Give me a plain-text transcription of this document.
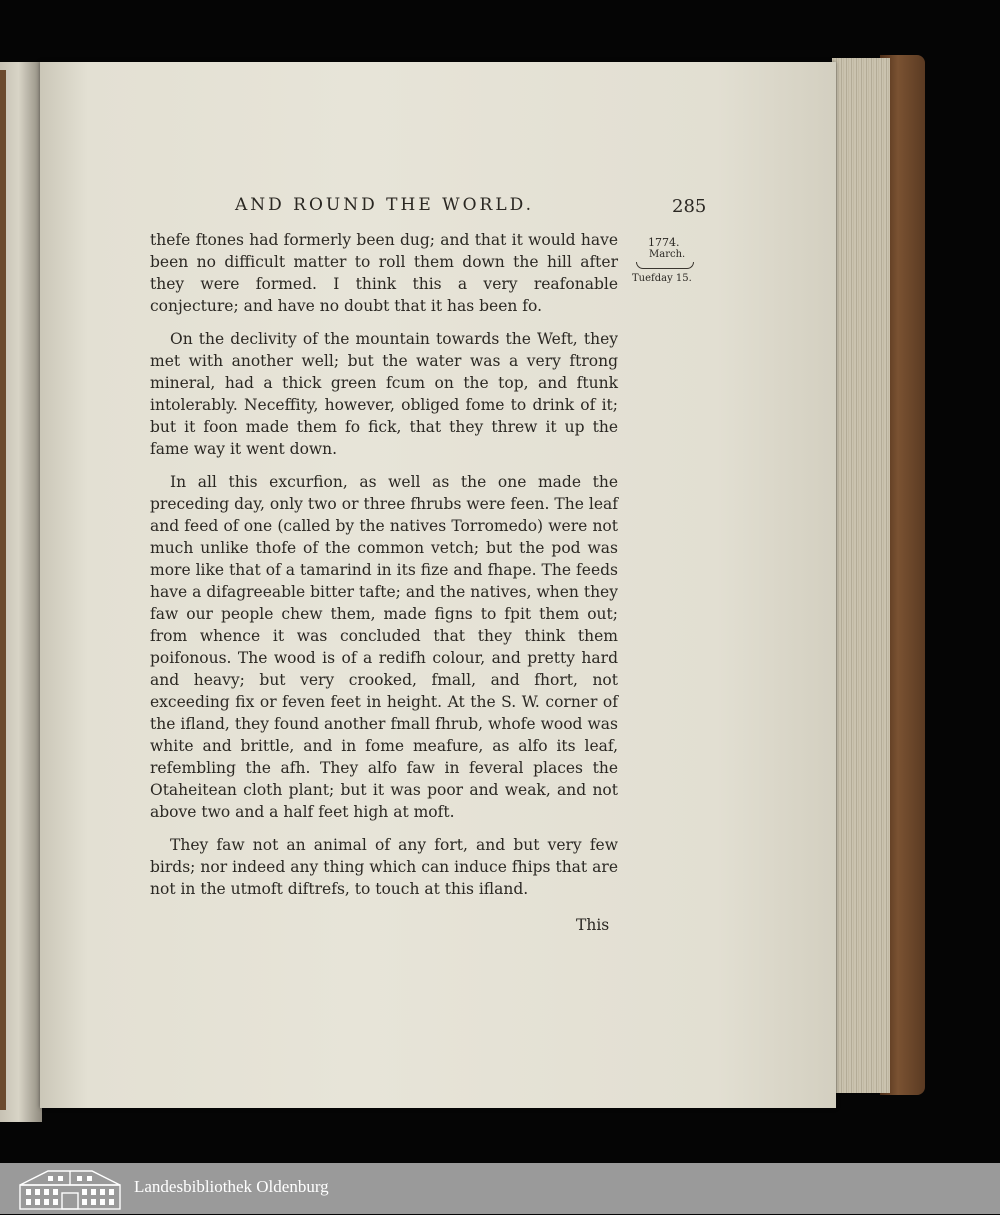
AND ROUND THE WORLD.	285
1774.
March.
Tuefday 15.

thefe ftones had formerly been dug; and that it would have been no difficult matter to roll them down the hill after they were formed. I think this a very reafonable conjecture; and have no doubt that it has been fo.

On the declivity of the mountain towards the Weft, they met with another well; but the water was a very ftrong mineral, had a thick green fcum on the top, and ftunk intolerably. Neceffity, however, obliged fome to drink of it; but it foon made them fo fick, that they threw it up the fame way it went down.

In all this excurfion, as well as the one made the preceding day, only two or three fhrubs were feen. The leaf and feed of one (called by the natives Torromedo) were not much unlike thofe of the common vetch; but the pod was more like that of a tamarind in its fize and fhape. The feeds have a difagreeable bitter tafte; and the natives, when they faw our people chew them, made figns to fpit them out; from whence it was concluded that they think them poifonous. The wood is of a redifh colour, and pretty hard and heavy; but very crooked, fmall, and fhort, not exceeding fix or feven feet in height. At the S. W. corner of the ifland, they found another fmall fhrub, whofe wood was white and brittle, and in fome meafure, as alfo its leaf, refembling the afh. They alfo faw in feveral places the Otaheitean cloth plant; but it was poor and weak, and not above two and a half feet high at moft.

They faw not an animal of any fort, and but very few birds; nor indeed any thing which can induce fhips that are not in the utmoft diftrefs, to touch at this ifland.

This
Landesbibliothek Oldenburg
